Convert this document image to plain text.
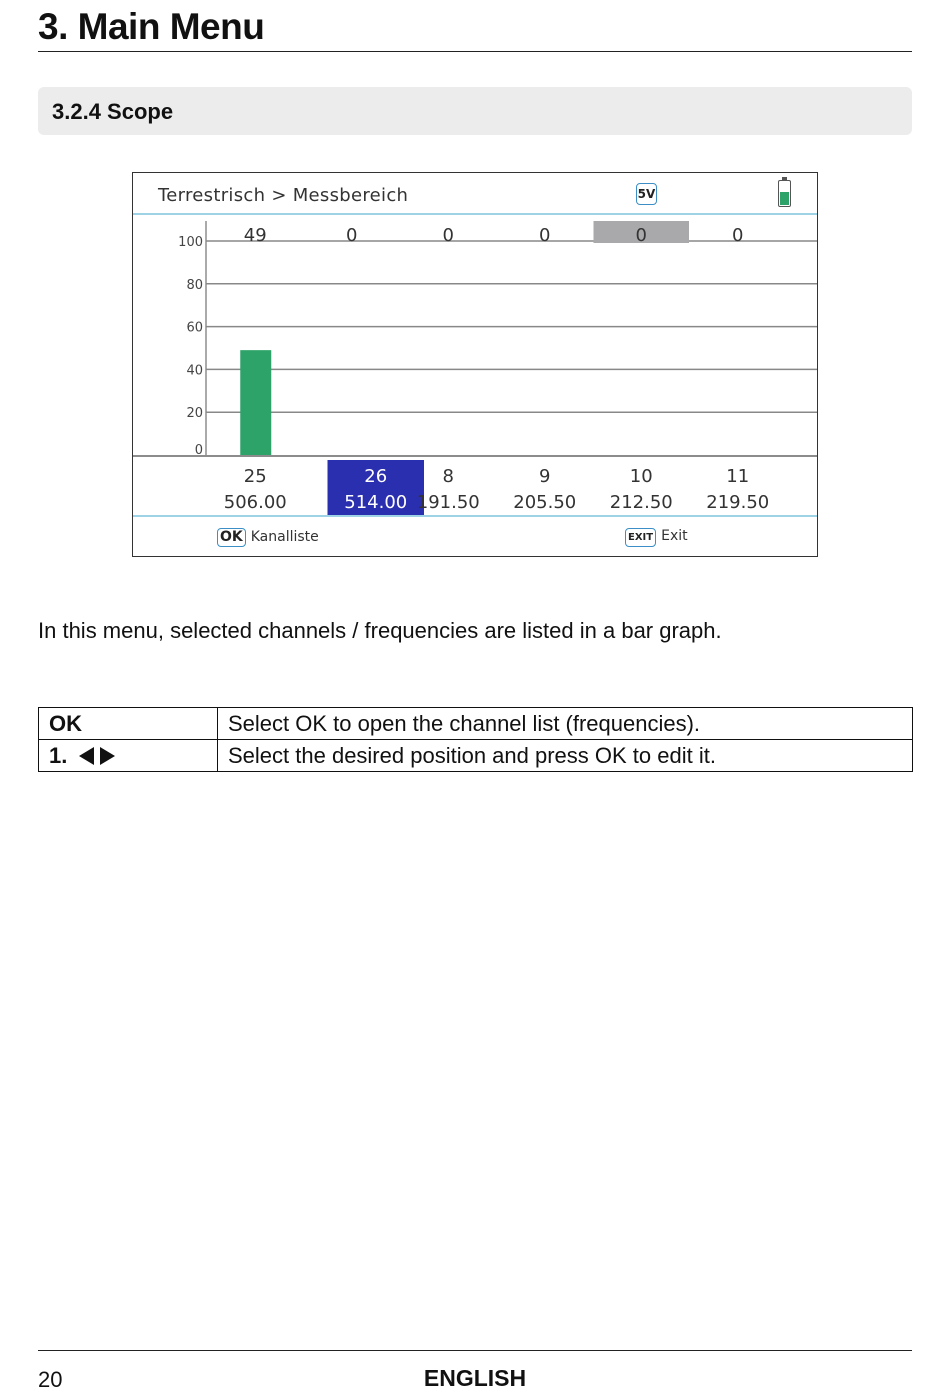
3. Main Menu
3.2.4 Scope
Terrestrisch > Messbereich	5V
100
80
60
40
20
0
49
25
506.00
0
26
514.00
0
8
191.50
0
9
205.50
0
10
212.50
0
11
219.50
OK Kanalliste	EXIT Exit
In this menu, selected channels / frequencies are listed in a bar graph.
OK	Select OK to open the channel list (frequencies).
1.	Select the desired position and press OK to edit it.
20	ENGLISH
